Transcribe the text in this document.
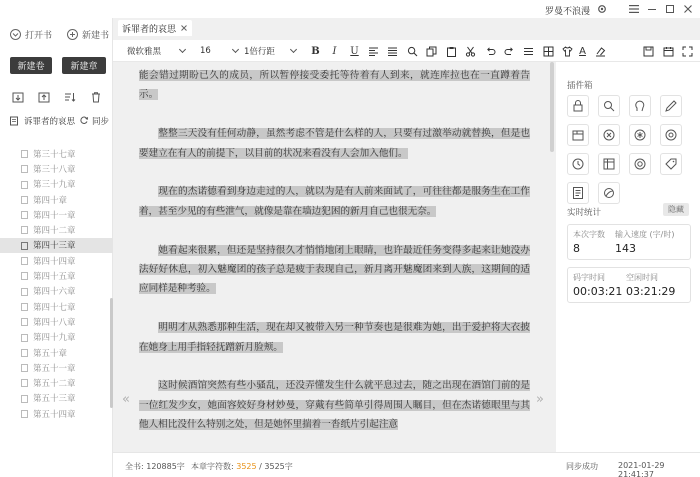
罗曼不浪漫
打开书	新建书
新建卷	新建章
诉罪者的哀思 同步
第三十七章
第三十八章
第三十九章
第四十章
第四十一章
第四十二章
第四十三章
第四十四章
第四十五章
第四十六章
第四十七章
第四十八章
第四十九章
第五十章
第五十一章
第五十二章
第五十三章
第五十四章
诉罪者的哀思
微软雅黑	16	1倍行距	B	I	U	A

能会错过期盼已久的成员，所以暂停接受委托等待着有人到来，就连库拉也在一直蹲着告示。

  整整三天没有任何动静，虽然考虑不管是什么样的人，只要有过激举动就替换，但是也要建立在有人的前提下，以目前的状况来看没有人会加入他们。

  现在的杰诺德看到身边走过的人，就以为是有人前来面试了，可往往都是服务生在工作着，甚至少见的有些泄气，就像是靠在墙边犯困的新月自己也很无奈。

  她看起来很累，但还是坚持很久才悄悄地闭上眼睛，也许最近任务变得多起来让她没办法好好休息，初入魅魔团的孩子总是疲于表现自己，新月离开魅魔团来到人族，这期间的适应同样是种考验。

  明明才从熟悉那种生活，现在却又被带入另一种节奏也是很难为她，出于爱护将大衣披在她身上用手指轻抚蹭新月脸颊。

  这时候酒馆突然有些小骚乱，还没弄懂发生什么就平息过去，随之出现在酒馆门前的是一位红发少女，她面容姣好身材妙曼，穿戴有些简单引得周围人瞩目，但在杰诺德眼里与其他人相比没什么特别之处，但是她怀里揣着一沓纸片引起注意

«	»
插件箱
实时统计	隐藏
本次字数
8
输入速度 (字/时)
143
码字时间
00:03:21
空闲时间
03:21:29
全书: 120885字 本章字符数: 3525 / 3525字	同步成功	2021-01-29 21:41:37
